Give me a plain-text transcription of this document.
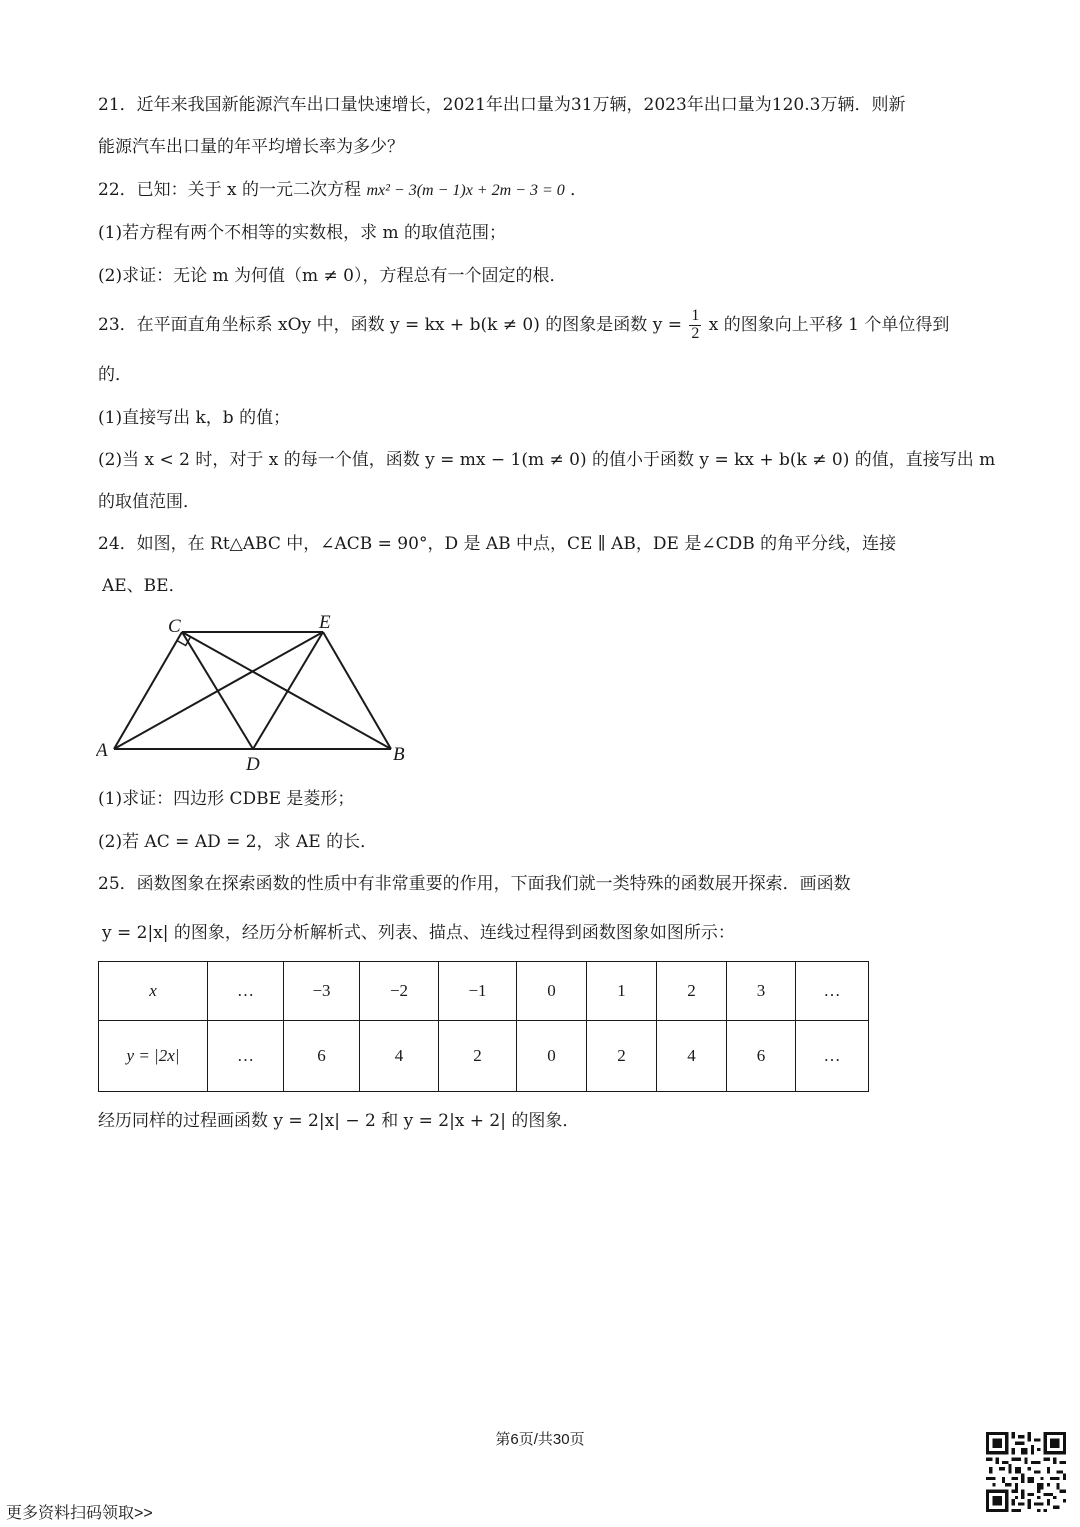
21．近年来我国新能源汽车出口量快速增长，2021年出口量为31万辆，2023年出口量为120.3万辆．则新
能源汽车出口量的年平均增长率为多少？
22．已知：关于 x 的一元二次方程 mx² − 3(m − 1)x + 2m − 3 = 0 ．
(1)若方程有两个不相等的实数根，求 m 的取值范围；
(2)求证：无论 m 为何值（m ≠ 0），方程总有一个固定的根．
23．在平面直角坐标系 xOy 中，函数 y = kx + b(k ≠ 0) 的图象是函数 $y = \frac{1}{2}$ x 的图象向上平移 1 个单位得到
的．
(1)直接写出 k，b 的值；
(2)当 x < 2 时，对于 x 的每一个值，函数 y = mx − 1(m ≠ 0) 的值小于函数 y = kx + b(k ≠ 0) 的值，直接写出 m
的取值范围．
24．如图，在 Rt△ABC 中，∠ACB = 90°，D 是 AB 中点，CE ∥ AB，DE 是∠CDB 的角平分线，连接
AE、BE．
A	B
C
D
E
(1)求证：四边形 CDBE 是菱形；
(2)若 AC = AD = 2，求 AE 的长．
25．函数图象在探索函数的性质中有非常重要的作用，下面我们就一类特殊的函数展开探索．画函数
y = 2|x| 的图象，经历分析解析式、列表、描点、连线过程得到函数图象如图所示：
x	…	−3	−2	−1	0	1	2	3	…
y = |2x|	…	6	4	2	0	2	4	6	…
经历同样的过程画函数 y = 2|x| − 2 和 y = 2|x + 2| 的图象．
第6页/共30页
更多资料扫码领取>>
